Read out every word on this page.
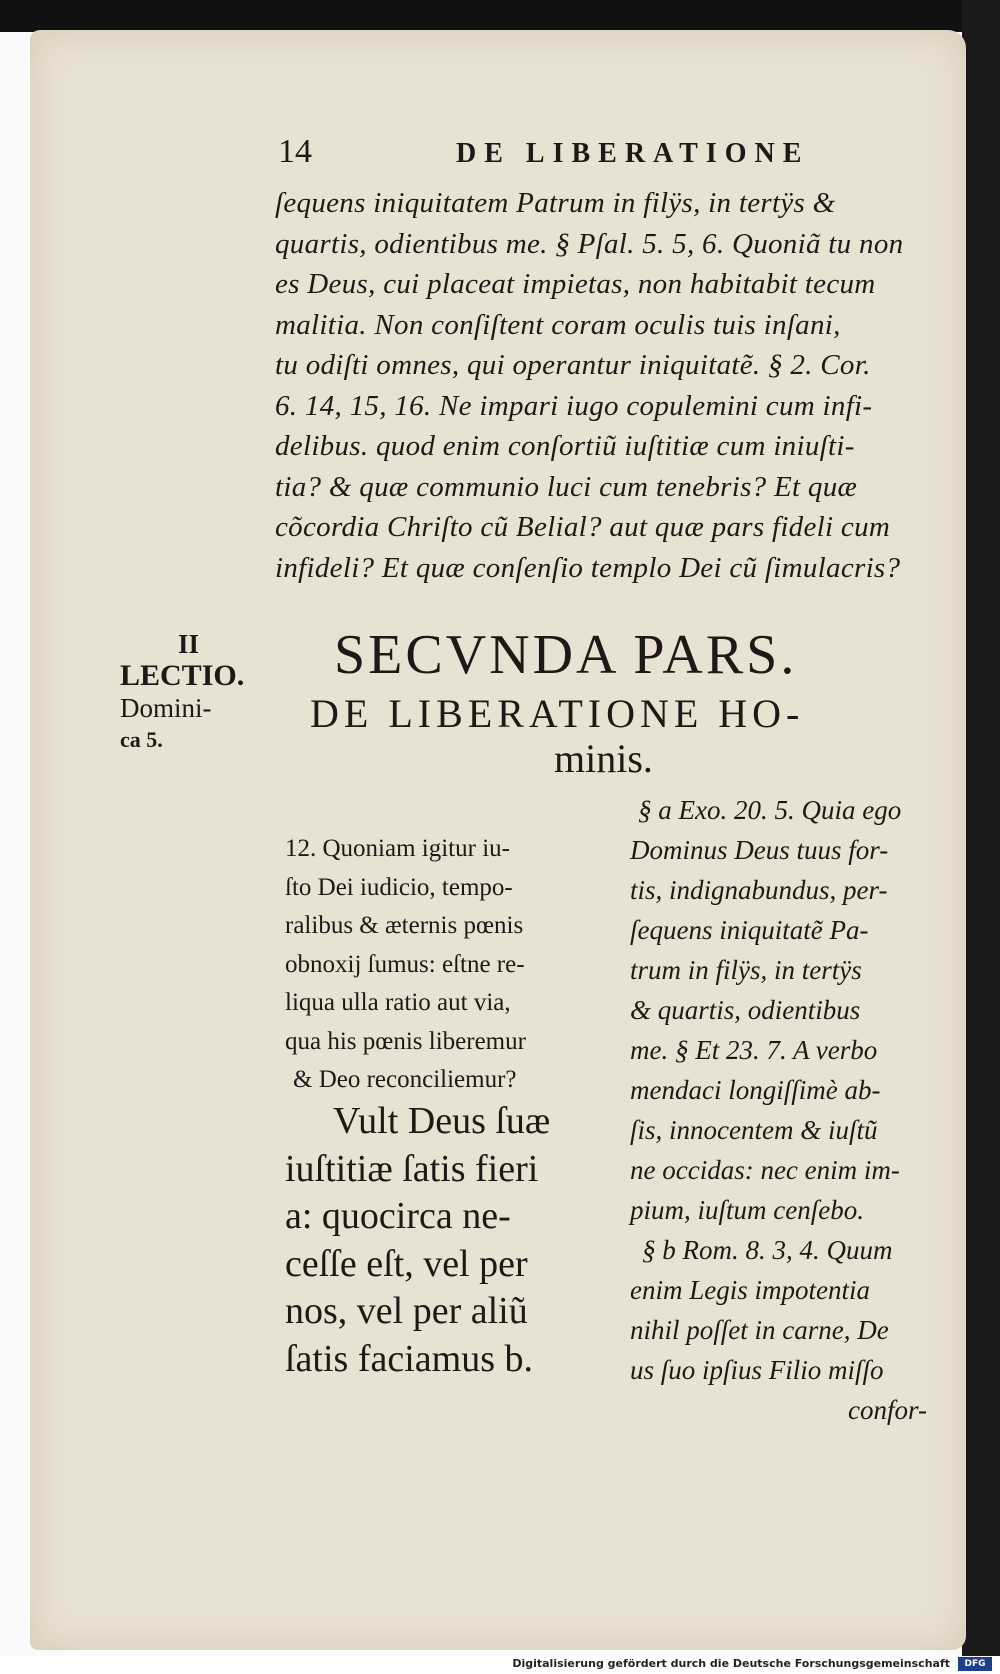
14	DE LIBERATIONE
ſequens iniquitatem Patrum in filÿs, in tertÿs &
quartis, odientibus me. § Pſal. 5. 5, 6. Quoniã tu non
es Deus, cui placeat impietas, non habitabit tecum
malitia. Non conſiſtent coram oculis tuis inſani,
tu odiſti omnes, qui operantur iniquitatẽ. § 2. Cor.
6. 14, 15, 16. Ne impari iugo copulemini cum infi-
delibus. quod enim conſortiũ iuſtitiæ cum iniuſti-
tia? & quæ communio luci cum tenebris? Et quæ
cõcordia Chriſto cũ Belial? aut quæ pars fideli cum
infideli? Et quæ conſenſio templo Dei cũ ſimulacris?
II
LECTIO.
Domini-
ca 5.
SECVNDA PARS.
DE LIBERATIONE HO-
minis.
12. Quoniam igitur iu-
ſto Dei iudicio, tempo-
ralibus & æternis pœnis
obnoxij ſumus: eſtne re-
liqua ulla ratio aut via,
qua his pœnis liberemur
& Deo reconciliemur?
Vult Deus ſuæ
iuſtitiæ ſatis fieri
a: quocirca ne-
ceſſe eſt, vel per
nos, vel per aliũ
ſatis faciamus b.
§ a Exo. 20. 5. Quia ego
Dominus Deus tuus for-
tis, indignabundus, per-
ſequens iniquitatẽ Pa-
trum in filÿs, in tertÿs
& quartis, odientibus
me. § Et 23. 7. A verbo
mendaci longiſſimè ab-
ſis, innocentem & iuſtũ
ne occidas: nec enim im-
pium, iuſtum cenſebo.
§ b Rom. 8. 3, 4. Quum
enim Legis impotentia
nihil poſſet in carne, De
us ſuo ipſius Filio miſſo
confor-
Digitalisierung gefördert durch die Deutsche Forschungsgemeinschaft	DFG
